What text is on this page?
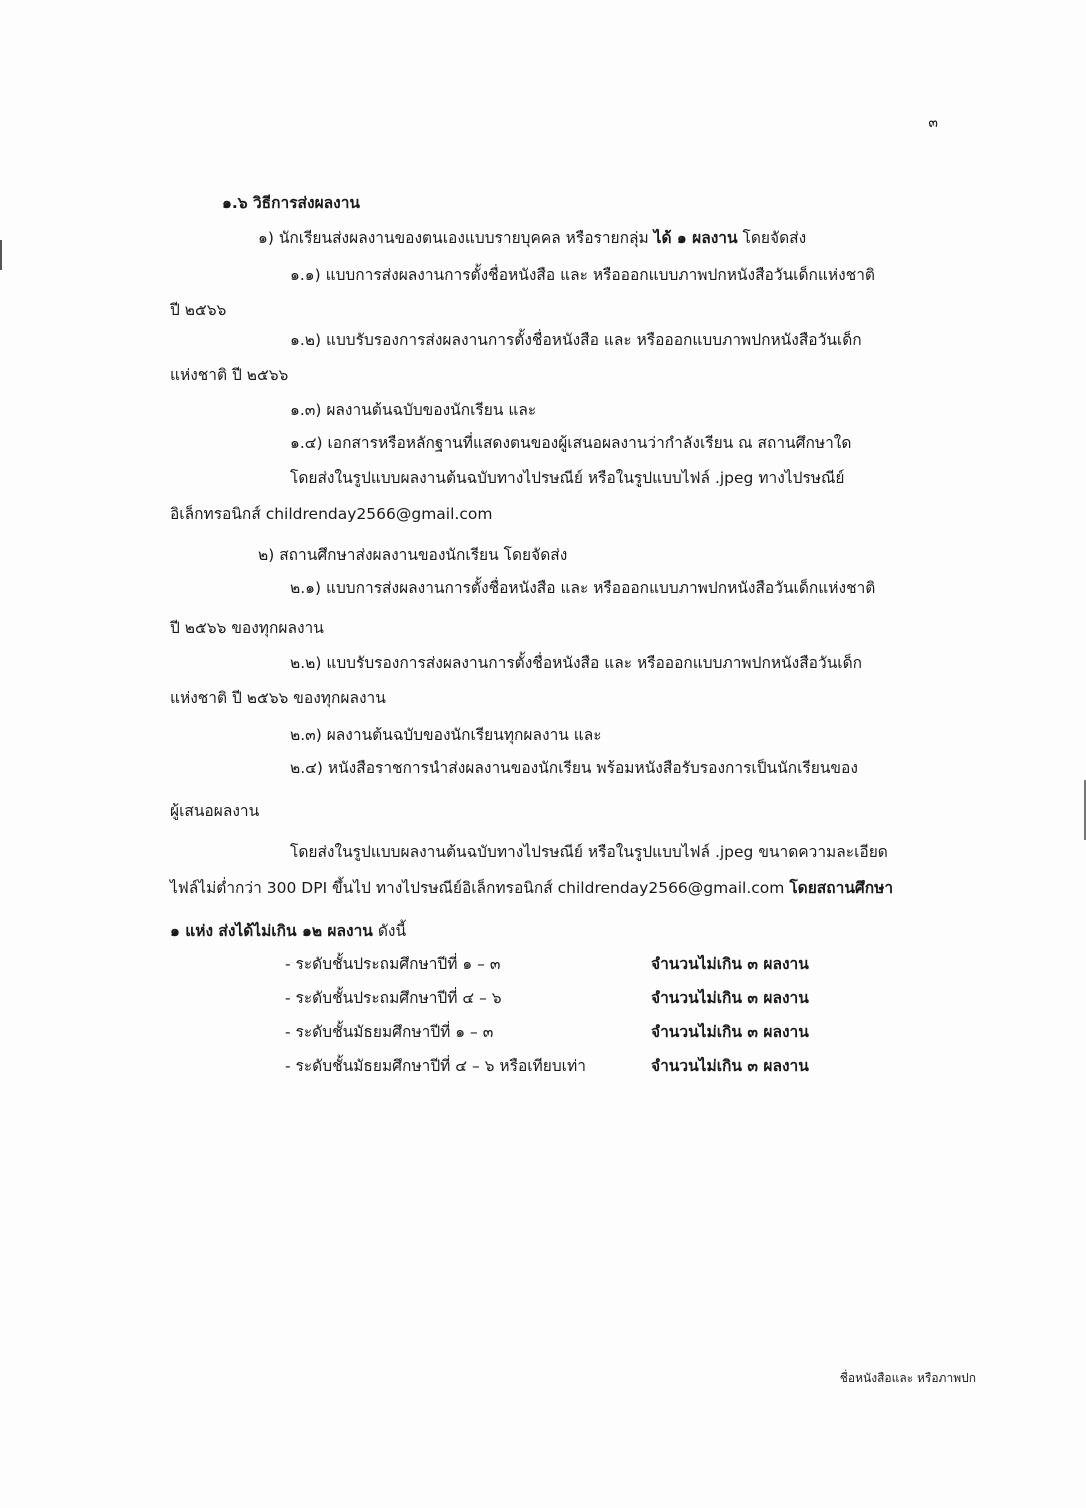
๓
๑.๖ วิธีการส่งผลงาน
๑) นักเรียนส่งผลงานของตนเองแบบรายบุคคล หรือรายกลุ่ม ได้ ๑ ผลงาน โดยจัดส่ง
๑.๑) แบบการส่งผลงานการตั้งชื่อหนังสือ และ หรือออกแบบภาพปกหนังสือวันเด็กแห่งชาติ
ปี ๒๕๖๖
๑.๒) แบบรับรองการส่งผลงานการตั้งชื่อหนังสือ และ หรือออกแบบภาพปกหนังสือวันเด็ก
แห่งชาติ ปี ๒๕๖๖
๑.๓) ผลงานต้นฉบับของนักเรียน และ
๑.๔) เอกสารหรือหลักฐานที่แสดงตนของผู้เสนอผลงานว่ากำลังเรียน ณ สถานศึกษาใด
โดยส่งในรูปแบบผลงานต้นฉบับทางไปรษณีย์ หรือในรูปแบบไฟล์ .jpeg ทางไปรษณีย์
อิเล็กทรอนิกส์ childrenday2566@gmail.com
๒) สถานศึกษาส่งผลงานของนักเรียน โดยจัดส่ง
๒.๑) แบบการส่งผลงานการตั้งชื่อหนังสือ และ หรือออกแบบภาพปกหนังสือวันเด็กแห่งชาติ
ปี ๒๕๖๖ ของทุกผลงาน
๒.๒) แบบรับรองการส่งผลงานการตั้งชื่อหนังสือ และ หรือออกแบบภาพปกหนังสือวันเด็ก
แห่งชาติ ปี ๒๕๖๖ ของทุกผลงาน
๒.๓) ผลงานต้นฉบับของนักเรียนทุกผลงาน และ
๒.๔) หนังสือราชการนำส่งผลงานของนักเรียน พร้อมหนังสือรับรองการเป็นนักเรียนของ
ผู้เสนอผลงาน
โดยส่งในรูปแบบผลงานต้นฉบับทางไปรษณีย์ หรือในรูปแบบไฟล์ .jpeg ขนาดความละเอียด
ไฟล์ไม่ต่ำกว่า 300 DPI ขึ้นไป ทางไปรษณีย์อิเล็กทรอนิกส์ childrenday2566@gmail.com โดยสถานศึกษา
๑ แห่ง ส่งได้ไม่เกิน ๑๒ ผลงาน ดังนี้
- ระดับชั้นประถมศึกษาปีที่ ๑ – ๓	จำนวนไม่เกิน ๓ ผลงาน
- ระดับชั้นประถมศึกษาปีที่ ๔ – ๖	จำนวนไม่เกิน ๓ ผลงาน
- ระดับชั้นมัธยมศึกษาปีที่ ๑ – ๓	จำนวนไม่เกิน ๓ ผลงาน
- ระดับชั้นมัธยมศึกษาปีที่ ๔ – ๖ หรือเทียบเท่า	จำนวนไม่เกิน ๓ ผลงาน
ชื่อหนังสือและ หรือภาพปก
